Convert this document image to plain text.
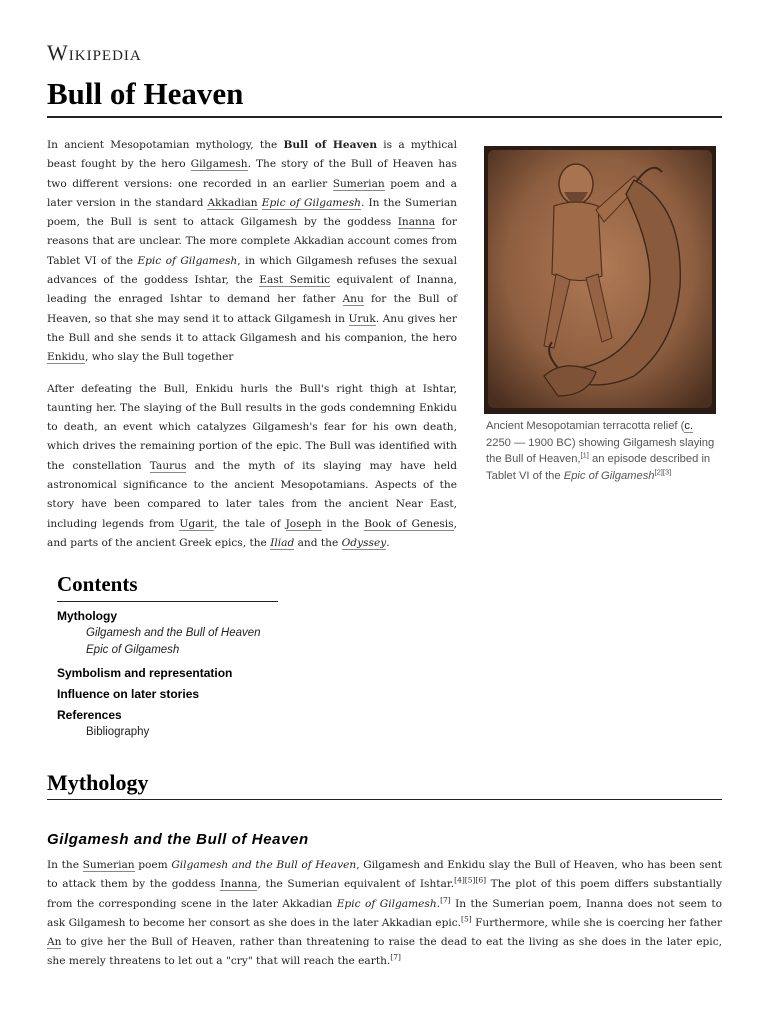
Wikipedia
Bull of Heaven

In ancient Mesopotamian mythology, the Bull of Heaven is a mythical beast fought by the hero Gilgamesh. The story of the Bull of Heaven has two different versions: one recorded in an earlier Sumerian poem and a later version in the standard Akkadian Epic of Gilgamesh. In the Sumerian poem, the Bull is sent to attack Gilgamesh by the goddess Inanna for reasons that are unclear. The more complete Akkadian account comes from Tablet VI of the Epic of Gilgamesh, in which Gilgamesh refuses the sexual advances of the goddess Ishtar, the East Semitic equivalent of Inanna, leading the enraged Ishtar to demand her father Anu for the Bull of Heaven, so that she may send it to attack Gilgamesh in Uruk. Anu gives her the Bull and she sends it to attack Gilgamesh and his companion, the hero Enkidu, who slay the Bull together

After defeating the Bull, Enkidu hurls the Bull's right thigh at Ishtar, taunting her. The slaying of the Bull results in the gods condemning Enkidu to death, an event which catalyzes Gilgamesh's fear for his own death, which drives the remaining portion of the epic. The Bull was identified with the constellation Taurus and the myth of its slaying may have held astronomical significance to the ancient Mesopotamians. Aspects of the story have been compared to later tales from the ancient Near East, including legends from Ugarit, the tale of Joseph in the Book of Genesis, and parts of the ancient Greek epics, the Iliad and the Odyssey.

Ancient Mesopotamian terracotta relief (c. 2250 — 1900 BC) showing Gilgamesh slaying the Bull of Heaven,[1] an episode described in Tablet VI of the Epic of Gilgamesh[2][3]
Contents
Mythology
Gilgamesh and the Bull of Heaven
Epic of Gilgamesh
Symbolism and representation
Influence on later stories
References
Bibliography
Mythology
Gilgamesh and the Bull of Heaven

In the Sumerian poem Gilgamesh and the Bull of Heaven, Gilgamesh and Enkidu slay the Bull of Heaven, who has been sent to attack them by the goddess Inanna, the Sumerian equivalent of Ishtar.[4][5][6] The plot of this poem differs substantially from the corresponding scene in the later Akkadian Epic of Gilgamesh.[7] In the Sumerian poem, Inanna does not seem to ask Gilgamesh to become her consort as she does in the later Akkadian epic.[5] Furthermore, while she is coercing her father An to give her the Bull of Heaven, rather than threatening to raise the dead to eat the living as she does in the later epic, she merely threatens to let out a "cry" that will reach the earth.[7]
